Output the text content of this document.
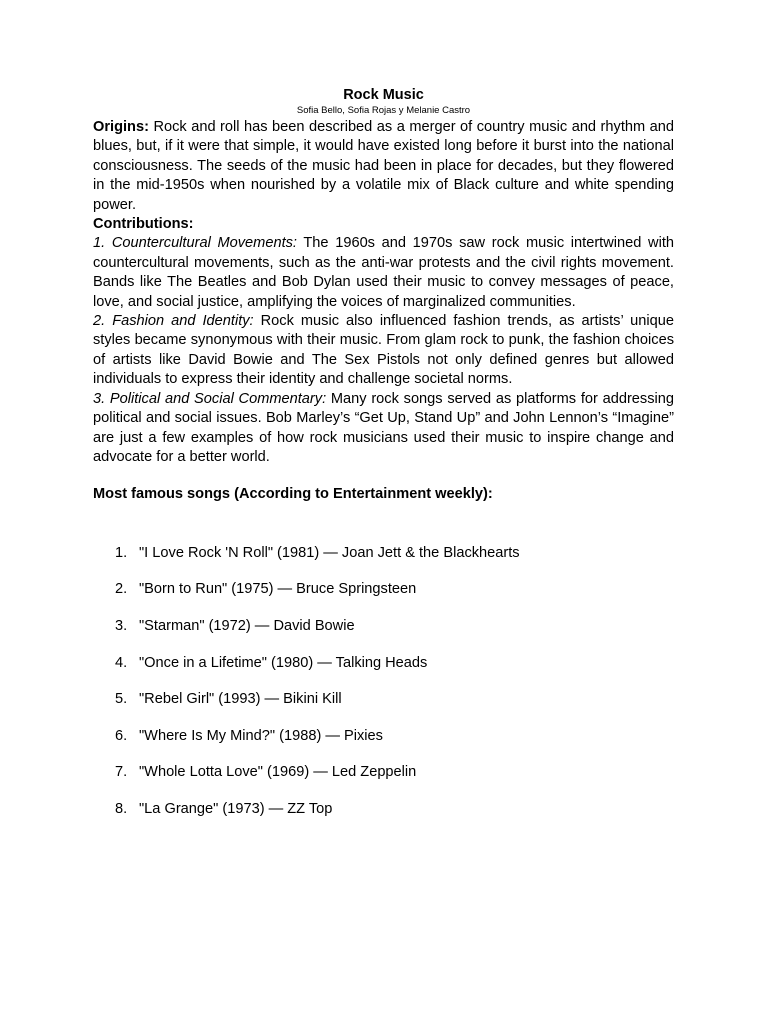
Rock Music
Sofia Bello, Sofia Rojas y Melanie Castro

Origins: Rock and roll has been described as a merger of country music and rhythm and blues, but, if it were that simple, it would have existed long before it burst into the national consciousness. The seeds of the music had been in place for decades, but they flowered in the mid-1950s when nourished by a volatile mix of Black culture and white spending power.

Contributions:

1. Countercultural Movements: The 1960s and 1970s saw rock music intertwined with countercultural movements, such as the anti-war protests and the civil rights movement. Bands like The Beatles and Bob Dylan used their music to convey messages of peace, love, and social justice, amplifying the voices of marginalized communities.

2. Fashion and Identity: Rock music also influenced fashion trends, as artists’ unique styles became synonymous with their music. From glam rock to punk, the fashion choices of artists like David Bowie and The Sex Pistols not only defined genres but allowed individuals to express their identity and challenge societal norms.

3. Political and Social Commentary: Many rock songs served as platforms for addressing political and social issues. Bob Marley’s “Get Up, Stand Up” and John Lennon’s “Imagine” are just a few examples of how rock musicians used their music to inspire change and advocate for a better world.

Most famous songs (According to Entertainment weekly):
1. "I Love Rock 'N Roll" (1981) — Joan Jett & the Blackhearts
2. "Born to Run" (1975) — Bruce Springsteen
3. "Starman" (1972) — David Bowie
4. "Once in a Lifetime" (1980) — Talking Heads
5. "Rebel Girl" (1993) — Bikini Kill
6. "Where Is My Mind?" (1988) — Pixies
7. "Whole Lotta Love" (1969) — Led Zeppelin
8. "La Grange" (1973) — ZZ Top
